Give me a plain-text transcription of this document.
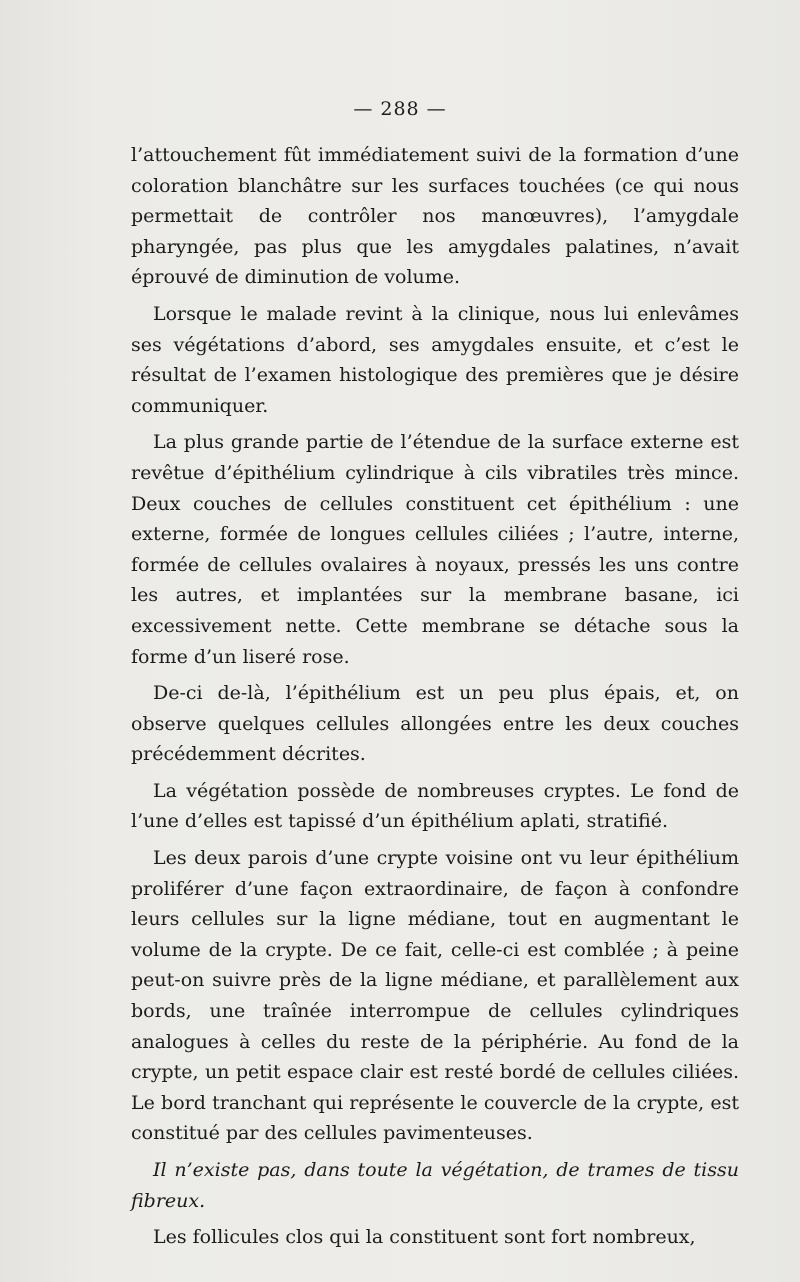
— 288 —

l’attouchement fût immédiatement suivi de la formation d’une coloration blanchâtre sur les surfaces touchées (ce qui nous permettait de contrôler nos manœuvres), l’amygdale pharyngée, pas plus que les amygdales palatines, n’avait éprouvé de diminution de volume.

Lorsque le malade revint à la clinique, nous lui enlevâmes ses végétations d’abord, ses amygdales ensuite, et c’est le résultat de l’examen histologique des premières que je désire communiquer.

La plus grande partie de l’étendue de la surface externe est revêtue d’épithélium cylindrique à cils vibratiles très mince. Deux couches de cellules constituent cet épithélium : une externe, formée de longues cellules ciliées ; l’autre, interne, formée de cellules ovalaires à noyaux, pressés les uns contre les autres, et implantées sur la membrane basane, ici excessivement nette. Cette membrane se détache sous la forme d’un liseré rose.

De-ci de-là, l’épithélium est un peu plus épais, et, on observe quelques cellules allongées entre les deux couches précédemment décrites.

La végétation possède de nombreuses cryptes. Le fond de l’une d’elles est tapissé d’un épithélium aplati, stratifié.

Les deux parois d’une crypte voisine ont vu leur épithélium proliférer d’une façon extraordinaire, de façon à confondre leurs cellules sur la ligne médiane, tout en augmentant le volume de la crypte. De ce fait, celle-ci est comblée ; à peine peut-on suivre près de la ligne médiane, et parallèlement aux bords, une traînée interrompue de cellules cylindriques analogues à celles du reste de la périphérie. Au fond de la crypte, un petit espace clair est resté bordé de cellules ciliées. Le bord tranchant qui représente le couvercle de la crypte, est constitué par des cellules pavimenteuses.

Il n’existe pas, dans toute la végétation, de trames de tissu fibreux.

Les follicules clos qui la constituent sont fort nombreux,
